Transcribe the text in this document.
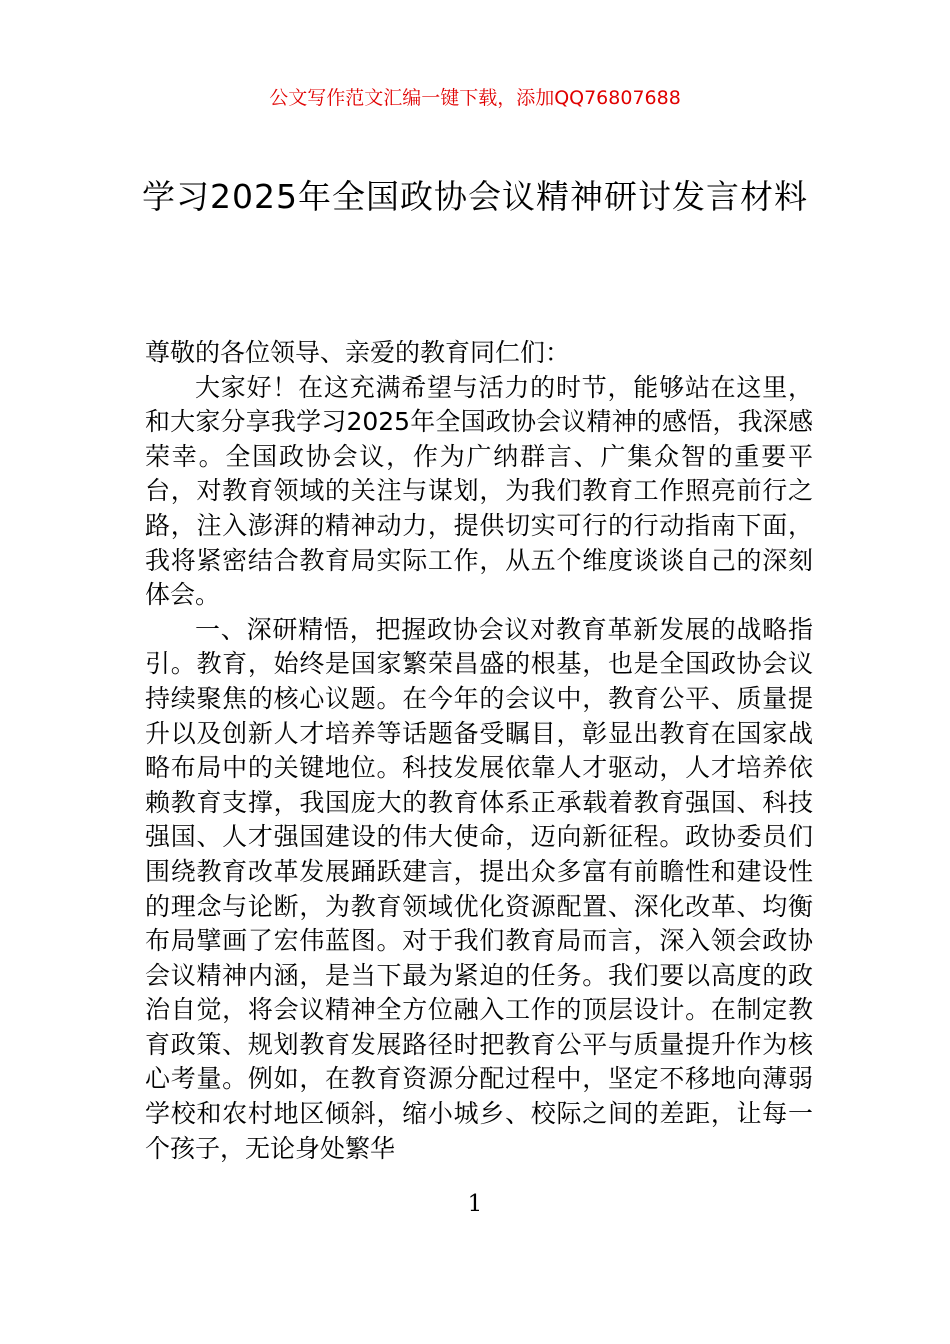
公文写作范文汇编一键下载，添加QQ76807688
学习2025年全国政协会议精神研讨发言材料

尊敬的各位领导、亲爱的教育同仁们：

大家好！在这充满希望与活力的时节，能够站在这里，和大家分享我学习2025年全国政协会议精神的感悟，我深感荣幸。全国政协会议，作为广纳群言、广集众智的重要平台，对教育领域的关注与谋划，为我们教育工作照亮前行之路，注入澎湃的精神动力，提供切实可行的行动指南下面，我将紧密结合教育局实际工作，从五个维度谈谈自己的深刻体会。

一、深研精悟，把握政协会议对教育革新发展的战略指引。教育，始终是国家繁荣昌盛的根基，也是全国政协会议持续聚焦的核心议题。在今年的会议中，教育公平、质量提升以及创新人才培养等话题备受瞩目，彰显出教育在国家战略布局中的关键地位。科技发展依靠人才驱动，人才培养依赖教育支撑，我国庞大的教育体系正承载着教育强国、科技强国、人才强国建设的伟大使命，迈向新征程。政协委员们围绕教育改革发展踊跃建言，提出众多富有前瞻性和建设性的理念与论断，为教育领域优化资源配置、深化改革、均衡布局擘画了宏伟蓝图。对于我们教育局而言，深入领会政协会议精神内涵，是当下最为紧迫的任务。我们要以高度的政治自觉，将会议精神全方位融入工作的顶层设计。在制定教育政策、规划教育发展路径时把教育公平与质量提升作为核心考量。例如，在教育资源分配过程中，坚定不移地向薄弱学校和农村地区倾斜，缩小城乡、校际之间的差距，让每一个孩子，无论身处繁华

1
